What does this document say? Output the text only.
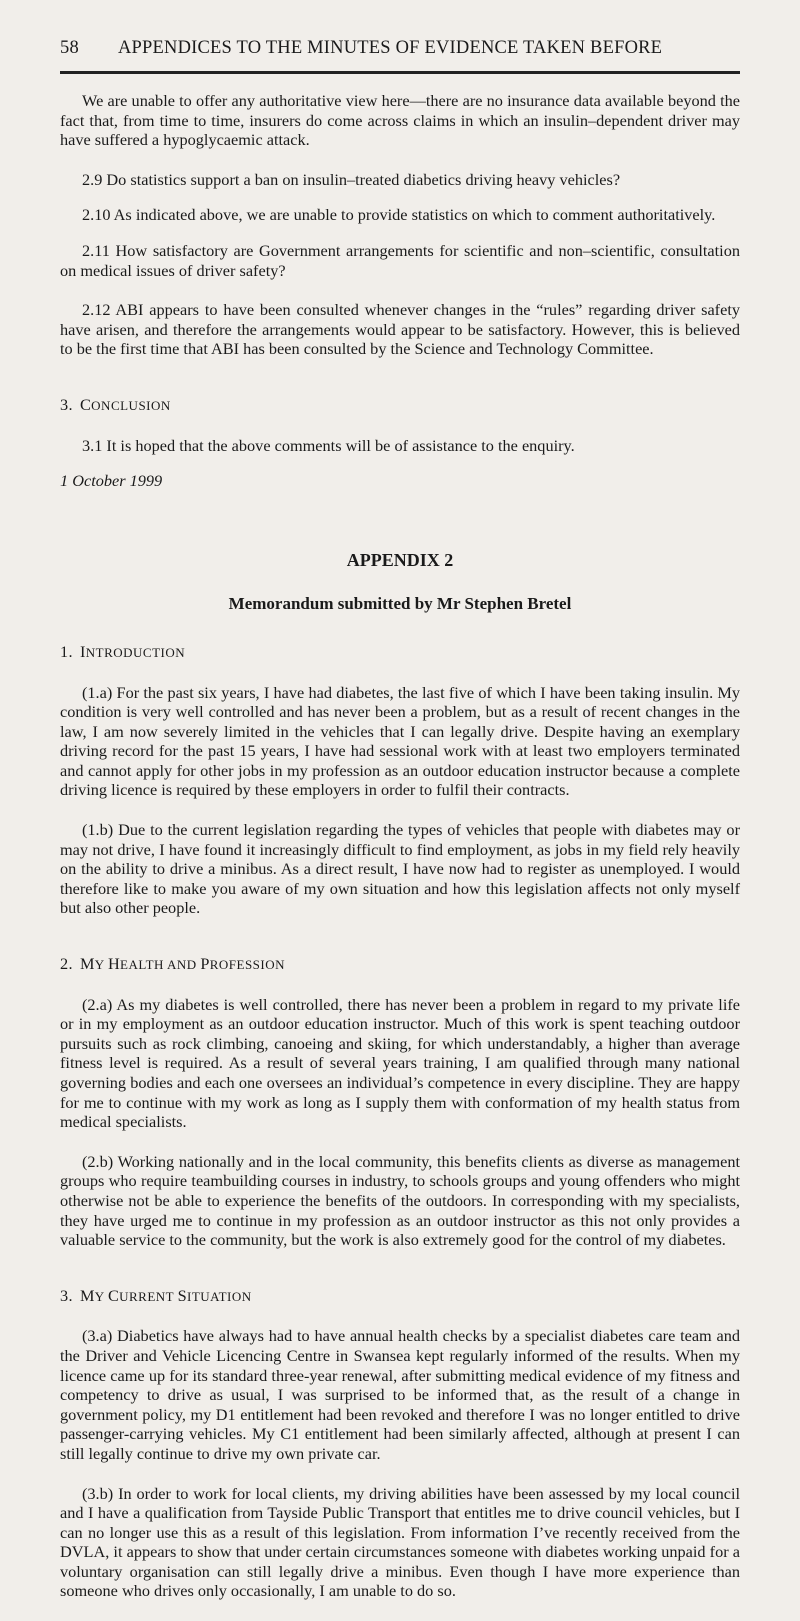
58 APPENDICES TO THE MINUTES OF EVIDENCE TAKEN BEFORE

We are unable to offer any authoritative view here—there are no insurance data available beyond the fact that, from time to time, insurers do come across claims in which an insulin–dependent driver may have suffered a hypoglycaemic attack.

2.9 Do statistics support a ban on insulin–treated diabetics driving heavy vehicles?

2.10 As indicated above, we are unable to provide statistics on which to comment authoritatively.

2.11 How satisfactory are Government arrangements for scientific and non–scientific, consultation on medical issues of driver safety?

2.12 ABI appears to have been consulted whenever changes in the “rules” regarding driver safety have arisen, and therefore the arrangements would appear to be satisfactory. However, this is believed to be the first time that ABI has been consulted by the Science and Technology Committee.

3. CONCLUSION

3.1 It is hoped that the above comments will be of assistance to the enquiry.

1 October 1999

APPENDIX 2
Memorandum submitted by Mr Stephen Bretel
1. INTRODUCTION

(1.a) For the past six years, I have had diabetes, the last five of which I have been taking insulin. My condition is very well controlled and has never been a problem, but as a result of recent changes in the law, I am now severely limited in the vehicles that I can legally drive. Despite having an exemplary driving record for the past 15 years, I have had sessional work with at least two employers terminated and cannot apply for other jobs in my profession as an outdoor education instructor because a complete driving licence is required by these employers in order to fulfil their contracts.

(1.b) Due to the current legislation regarding the types of vehicles that people with diabetes may or may not drive, I have found it increasingly difficult to find employment, as jobs in my field rely heavily on the ability to drive a minibus. As a direct result, I have now had to register as unemployed. I would therefore like to make you aware of my own situation and how this legislation affects not only myself but also other people.

2. MY HEALTH AND PROFESSION

(2.a) As my diabetes is well controlled, there has never been a problem in regard to my private life or in my employment as an outdoor education instructor. Much of this work is spent teaching outdoor pursuits such as rock climbing, canoeing and skiing, for which understandably, a higher than average fitness level is required. As a result of several years training, I am qualified through many national governing bodies and each one oversees an individual’s competence in every discipline. They are happy for me to continue with my work as long as I supply them with conformation of my health status from medical specialists.

(2.b) Working nationally and in the local community, this benefits clients as diverse as management groups who require teambuilding courses in industry, to schools groups and young offenders who might otherwise not be able to experience the benefits of the outdoors. In corresponding with my specialists, they have urged me to continue in my profession as an outdoor instructor as this not only provides a valuable service to the community, but the work is also extremely good for the control of my diabetes.

3. MY CURRENT SITUATION

(3.a) Diabetics have always had to have annual health checks by a specialist diabetes care team and the Driver and Vehicle Licencing Centre in Swansea kept regularly informed of the results. When my licence came up for its standard three-year renewal, after submitting medical evidence of my fitness and competency to drive as usual, I was surprised to be informed that, as the result of a change in government policy, my D1 entitlement had been revoked and therefore I was no longer entitled to drive passenger-carrying vehicles. My C1 entitlement had been similarly affected, although at present I can still legally continue to drive my own private car.

(3.b) In order to work for local clients, my driving abilities have been assessed by my local council and I have a qualification from Tayside Public Transport that entitles me to drive council vehicles, but I can no longer use this as a result of this legislation. From information I’ve recently received from the DVLA, it appears to show that under certain circumstances someone with diabetes working unpaid for a voluntary organisation can still legally drive a minibus. Even though I have more experience than someone who drives only occasionally, I am unable to do so.
